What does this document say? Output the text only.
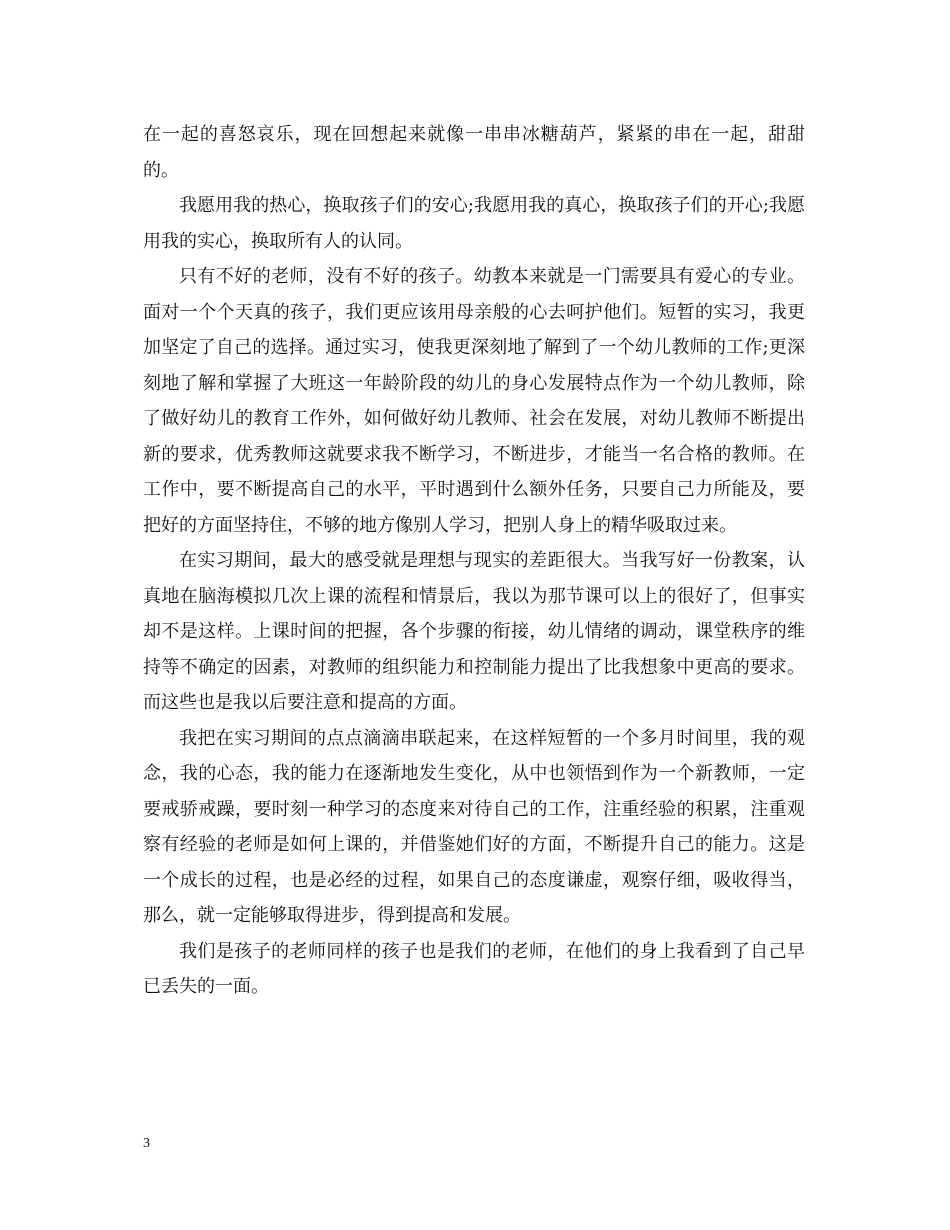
在一起的喜怒哀乐，现在回想起来就像一串串冰糖葫芦，紧紧的串在一起，甜甜的。

我愿用我的热心，换取孩子们的安心;我愿用我的真心，换取孩子们的开心;我愿用我的实心，换取所有人的认同。

只有不好的老师，没有不好的孩子。幼教本来就是一门需要具有爱心的专业。面对一个个天真的孩子，我们更应该用母亲般的心去呵护他们。短暂的实习，我更加坚定了自己的选择。通过实习，使我更深刻地了解到了一个幼儿教师的工作;更深刻地了解和掌握了大班这一年龄阶段的幼儿的身心发展特点作为一个幼儿教师，除了做好幼儿的教育工作外，如何做好幼儿教师、社会在发展，对幼儿教师不断提出新的要求，优秀教师这就要求我不断学习，不断进步，才能当一名合格的教师。在工作中，要不断提高自己的水平，平时遇到什么额外任务，只要自己力所能及，要把好的方面坚持住，不够的地方像别人学习，把别人身上的精华吸取过来。

在实习期间，最大的感受就是理想与现实的差距很大。当我写好一份教案，认真地在脑海模拟几次上课的流程和情景后，我以为那节课可以上的很好了，但事实却不是这样。上课时间的把握，各个步骤的衔接，幼儿情绪的调动，课堂秩序的维持等不确定的因素，对教师的组织能力和控制能力提出了比我想象中更高的要求。而这些也是我以后要注意和提高的方面。

我把在实习期间的点点滴滴串联起来，在这样短暂的一个多月时间里，我的观念，我的心态，我的能力在逐渐地发生变化，从中也领悟到作为一个新教师，一定要戒骄戒躁，要时刻一种学习的态度来对待自己的工作，注重经验的积累，注重观察有经验的老师是如何上课的，并借鉴她们好的方面，不断提升自己的能力。这是一个成长的过程，也是必经的过程，如果自己的态度谦虚，观察仔细，吸收得当，那么，就一定能够取得进步，得到提高和发展。

我们是孩子的老师同样的孩子也是我们的老师，在他们的身上我看到了自己早已丢失的一面。

3
